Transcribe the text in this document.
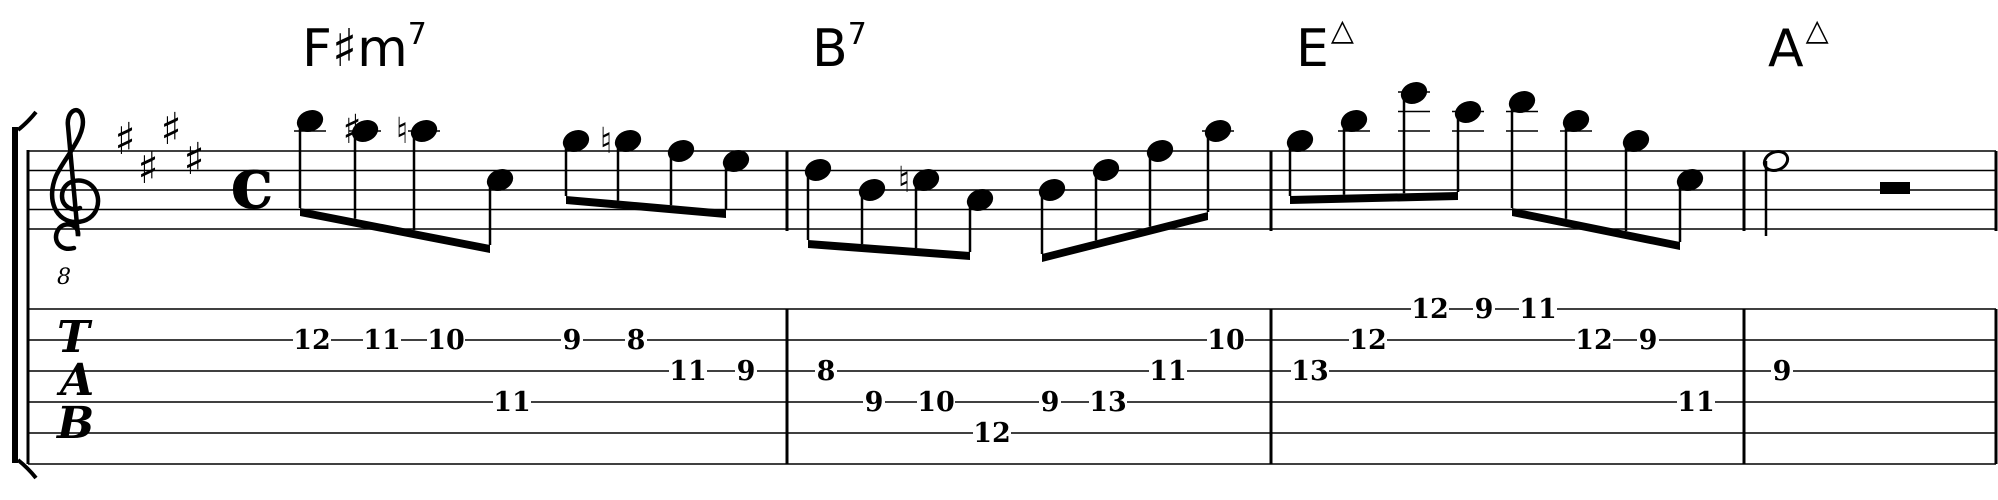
8
♯
♯
♯
♯ c
T
A
B
F♯m7	B7	E△	A△
♮	♮
♮
♯
12 11 10
11
9 8
11 9 8
9 10
12
9 13
11
10
13
12
12 9 11
12 9
11
9
